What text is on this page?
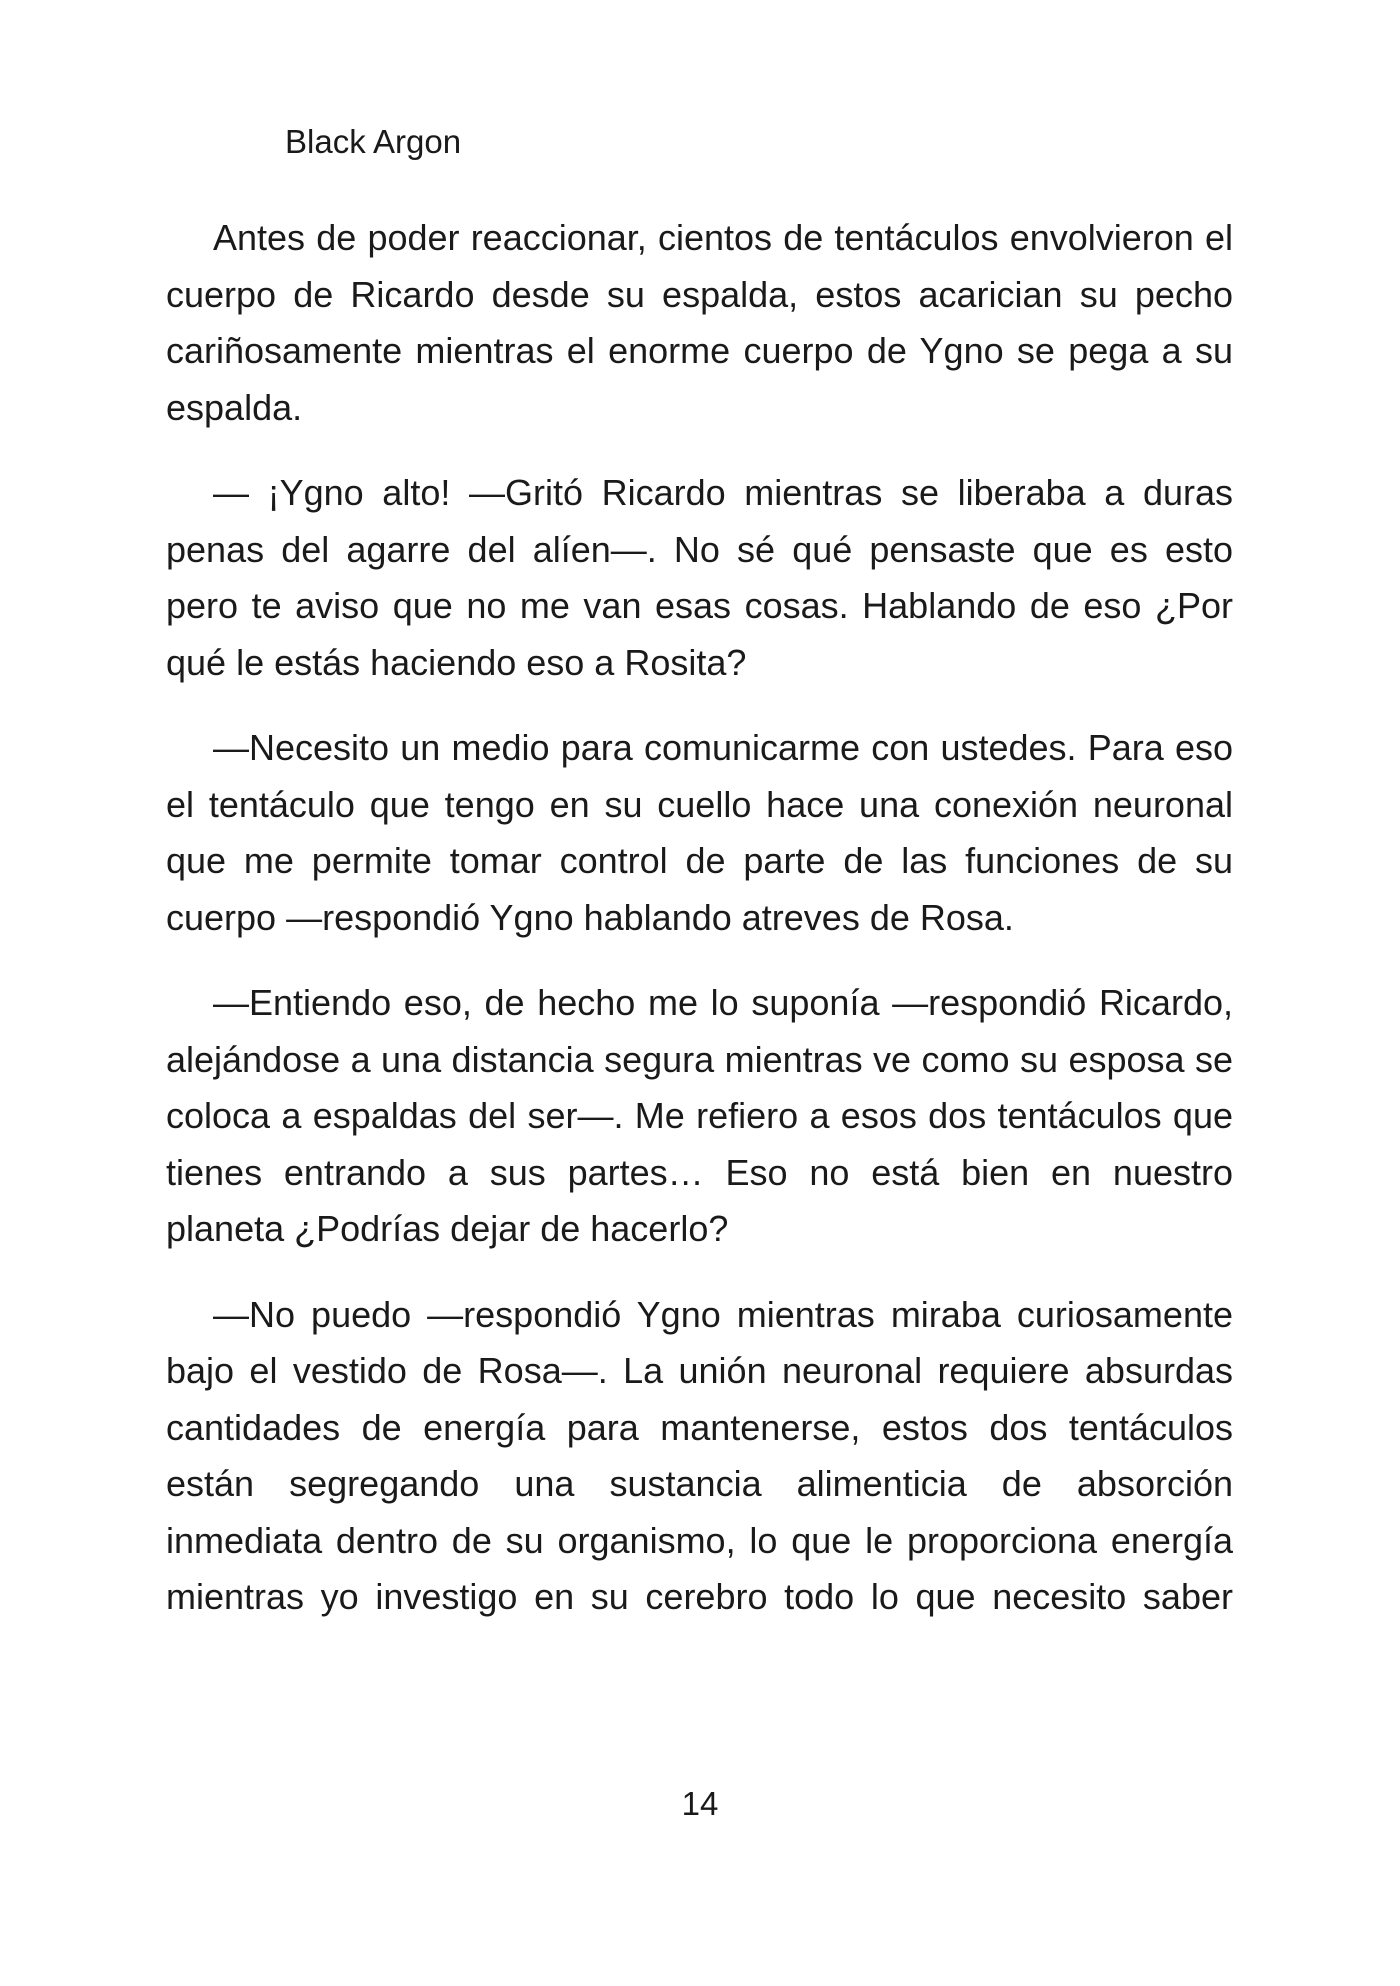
Black Argon

Antes de poder reaccionar, cientos de tentáculos envolvieron el cuerpo de Ricardo desde su espalda, estos acarician su pecho cariñosamente mientras el enorme cuerpo de Ygno se pega a su espalda.

— ¡Ygno alto! —Gritó Ricardo mientras se liberaba a duras penas del agarre del alíen—. No sé qué pensaste que es esto pero te aviso que no me van esas cosas. Hablando de eso ¿Por qué le estás haciendo eso a Rosita?

—Necesito un medio para comunicarme con ustedes. Para eso el tentáculo que tengo en su cuello hace una conexión neuronal que me permite tomar control de parte de las funciones de su cuerpo —respondió Ygno hablando atreves de Rosa.

—Entiendo eso, de hecho me lo suponía —respondió Ricardo, alejándose a una distancia segura mientras ve como su esposa se coloca a espaldas del ser—. Me refiero a esos dos tentáculos que tienes entrando a sus partes… Eso no está bien en nuestro planeta ¿Podrías dejar de hacerlo?

—No puedo —respondió Ygno mientras miraba curiosamente bajo el vestido de Rosa—. La unión neuronal requiere absurdas cantidades de energía para mantenerse, estos dos tentáculos están segregando una sustancia alimenticia de absorción inmediata dentro de su organismo, lo que le proporciona energía mientras yo investigo en su cerebro todo lo que necesito saber

14
